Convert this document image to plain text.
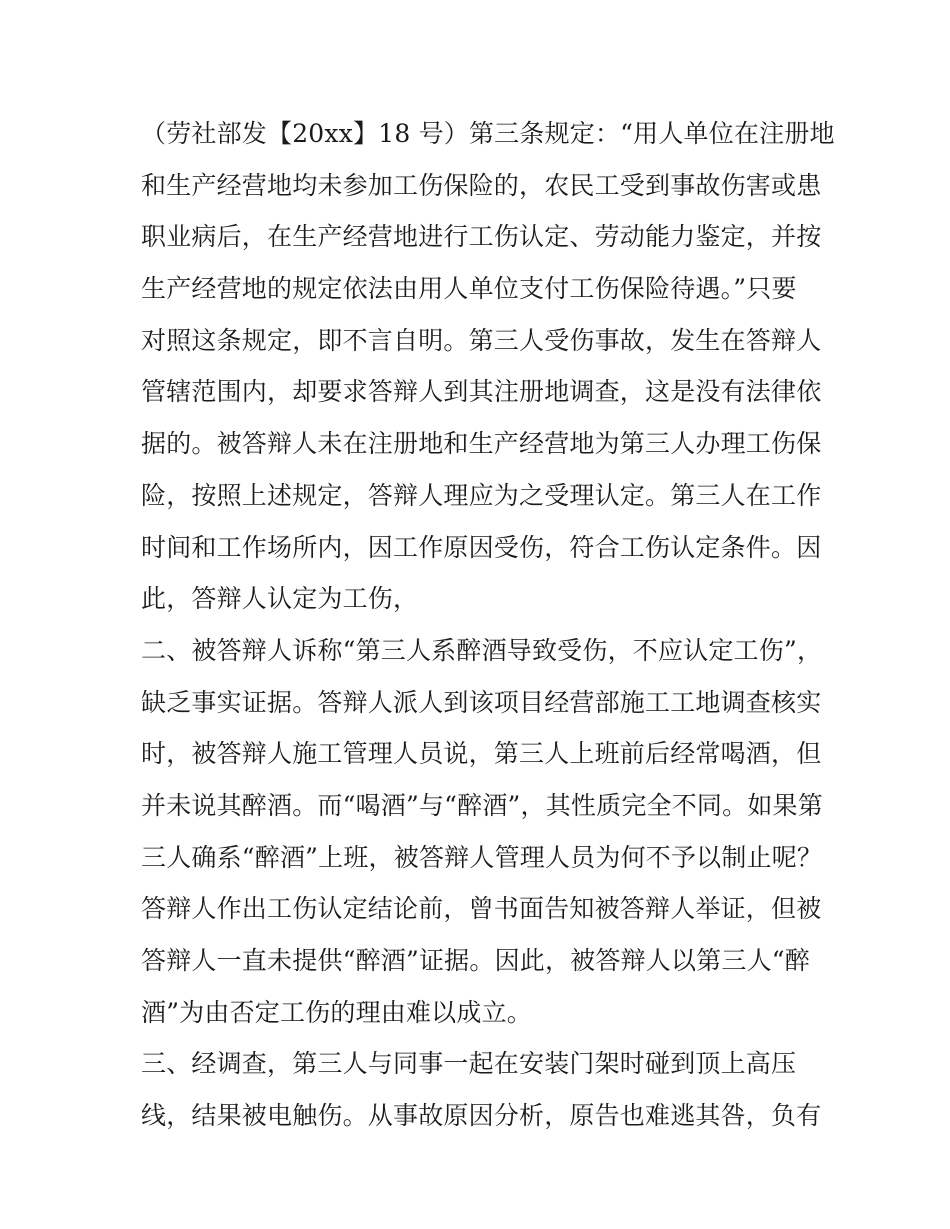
（劳社部发【20xx】18 号）第三条规定：“用人单位在注册地
和生产经营地均未参加工伤保险的，农民工受到事故伤害或患
职业病后，在生产经营地进行工伤认定、劳动能力鉴定，并按
生产经营地的规定依法由用人单位支付工伤保险待遇。”只要
对照这条规定，即不言自明。第三人受伤事故，发生在答辩人
管辖范围内，却要求答辩人到其注册地调查，这是没有法律依
据的。被答辩人未在注册地和生产经营地为第三人办理工伤保
险，按照上述规定，答辩人理应为之受理认定。第三人在工作
时间和工作场所内，因工作原因受伤，符合工伤认定条件。因
此，答辩人认定为工伤，
二、被答辩人诉称“第三人系醉酒导致受伤，不应认定工伤”，
缺乏事实证据。答辩人派人到该项目经营部施工工地调查核实
时，被答辩人施工管理人员说，第三人上班前后经常喝酒，但
并未说其醉酒。而“喝酒”与“醉酒”，其性质完全不同。如果第
三人确系“醉酒”上班，被答辩人管理人员为何不予以制止呢？
答辩人作出工伤认定结论前，曾书面告知被答辩人举证，但被
答辩人一直未提供“醉酒”证据。因此，被答辩人以第三人“醉
酒”为由否定工伤的理由难以成立。
三、经调查，第三人与同事一起在安装门架时碰到顶上高压
线，结果被电触伤。从事故原因分析，原告也难逃其咎，负有
